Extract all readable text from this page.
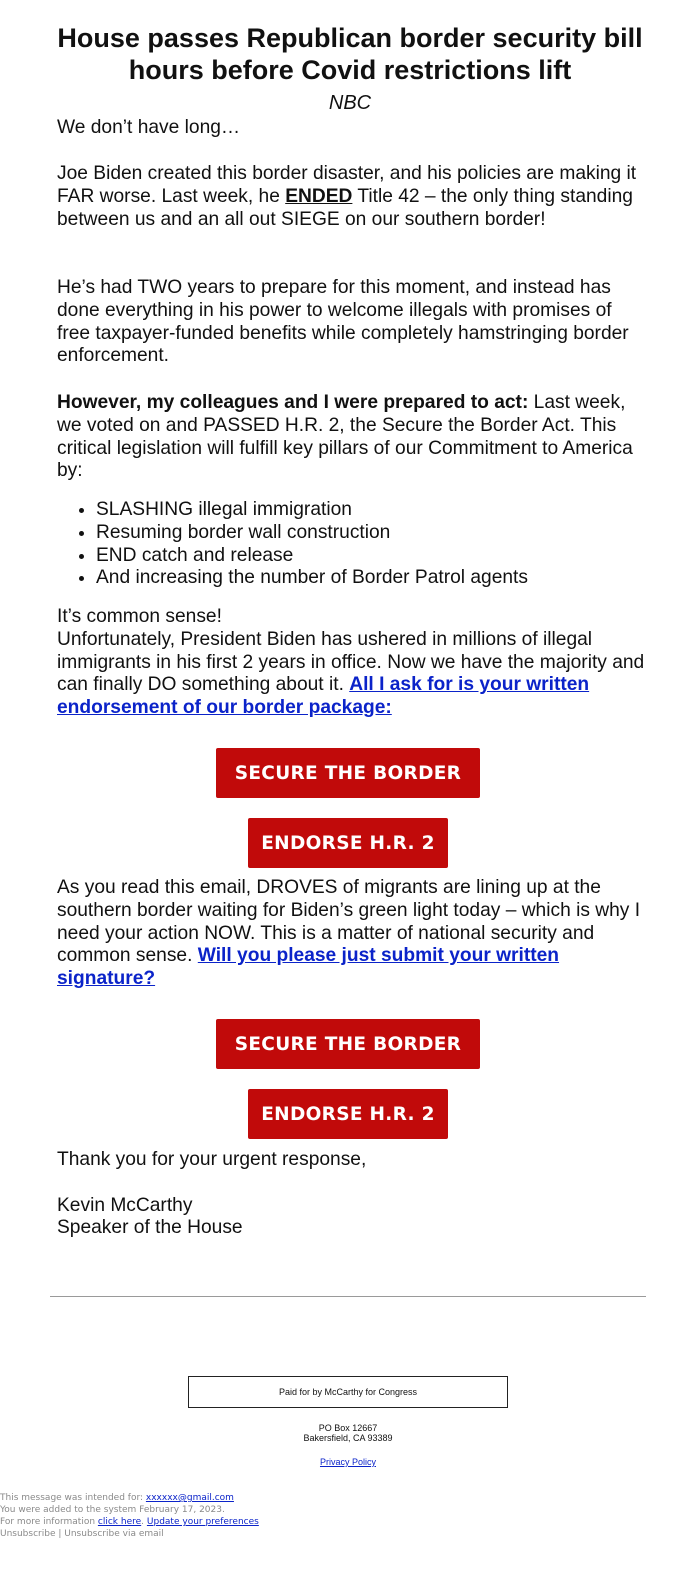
House passes Republican border security bill hours before Covid restrictions lift
NBC

We don’t have long…

Joe Biden created this border disaster, and his policies are making it FAR worse. Last week, he ENDED Title 42 – the only thing standing between us and an all out SIEGE on our southern border!

He’s had TWO years to prepare for this moment, and instead has done everything in his power to welcome illegals with promises of free taxpayer-funded benefits while completely hamstringing border enforcement.

However, my colleagues and I were prepared to act: Last week, we voted on and PASSED H.R. 2, the Secure the Border Act. This critical legislation will fulfill key pillars of our Commitment to America by:

• SLASHING illegal immigration
• Resuming border wall construction
• END catch and release
• And increasing the number of Border Patrol agents

It’s common sense!

Unfortunately, President Biden has ushered in millions of illegal immigrants in his first 2 years in office. Now we have the majority and can finally DO something about it. All I ask for is your written endorsement of our border package:

SECURE THE BORDER
ENDORSE H.R. 2

As you read this email, DROVES of migrants are lining up at the southern border waiting for Biden’s green light today – which is why I need your action NOW. This is a matter of national security and common sense. Will you please just submit your written signature?

SECURE THE BORDER
ENDORSE H.R. 2

Thank you for your urgent response,

Kevin McCarthy

Speaker of the House

Paid for by McCarthy for Congress
PO Box 12667
Bakersfield, CA 93389
Privacy Policy
This message was intended for: xxxxxx@gmail.com
You were added to the system February 17, 2023.
For more information click here. Update your preferences
Unsubscribe | Unsubscribe via email
